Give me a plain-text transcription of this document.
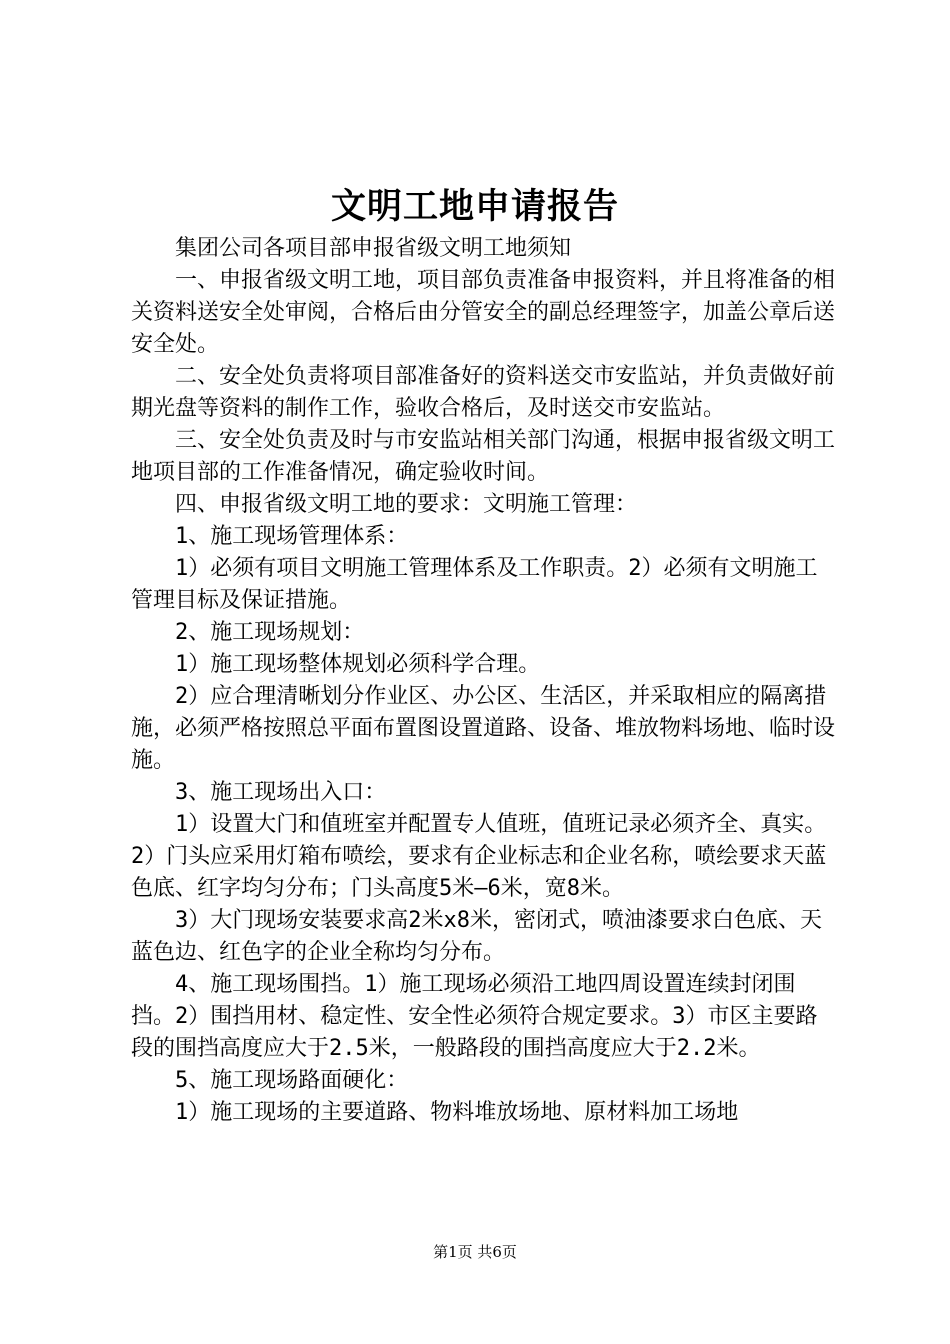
文明工地申请报告

集团公司各项目部申报省级文明工地须知

一、申报省级文明工地，项目部负责准备申报资料，并且将准备的相关资料送安全处审阅，合格后由分管安全的副总经理签字，加盖公章后送安全处。

二、安全处负责将项目部准备好的资料送交市安监站，并负责做好前期光盘等资料的制作工作，验收合格后，及时送交市安监站。

三、安全处负责及时与市安监站相关部门沟通，根据申报省级文明工地项目部的工作准备情况，确定验收时间。

四、申报省级文明工地的要求：文明施工管理：

1、施工现场管理体系：

1）必须有项目文明施工管理体系及工作职责。2）必须有文明施工管理目标及保证措施。

2、施工现场规划：

1）施工现场整体规划必须科学合理。

2）应合理清晰划分作业区、办公区、生活区，并采取相应的隔离措施，必须严格按照总平面布置图设置道路、设备、堆放物料场地、临时设施。

3、施工现场出入口：

1）设置大门和值班室并配置专人值班，值班记录必须齐全、真实。2）门头应采用灯箱布喷绘，要求有企业标志和企业名称，喷绘要求天蓝色底、红字均匀分布；门头高度5米—6米，宽8米。

3）大门现场安装要求高2米x8米，密闭式，喷油漆要求白色底、天蓝色边、红色字的企业全称均匀分布。

4、施工现场围挡。1）施工现场必须沿工地四周设置连续封闭围挡。2）围挡用材、稳定性、安全性必须符合规定要求。3）市区主要路段的围挡高度应大于2.5米，一般路段的围挡高度应大于2.2米。

5、施工现场路面硬化：

1）施工现场的主要道路、物料堆放场地、原材料加工场地

第1页 共6页
